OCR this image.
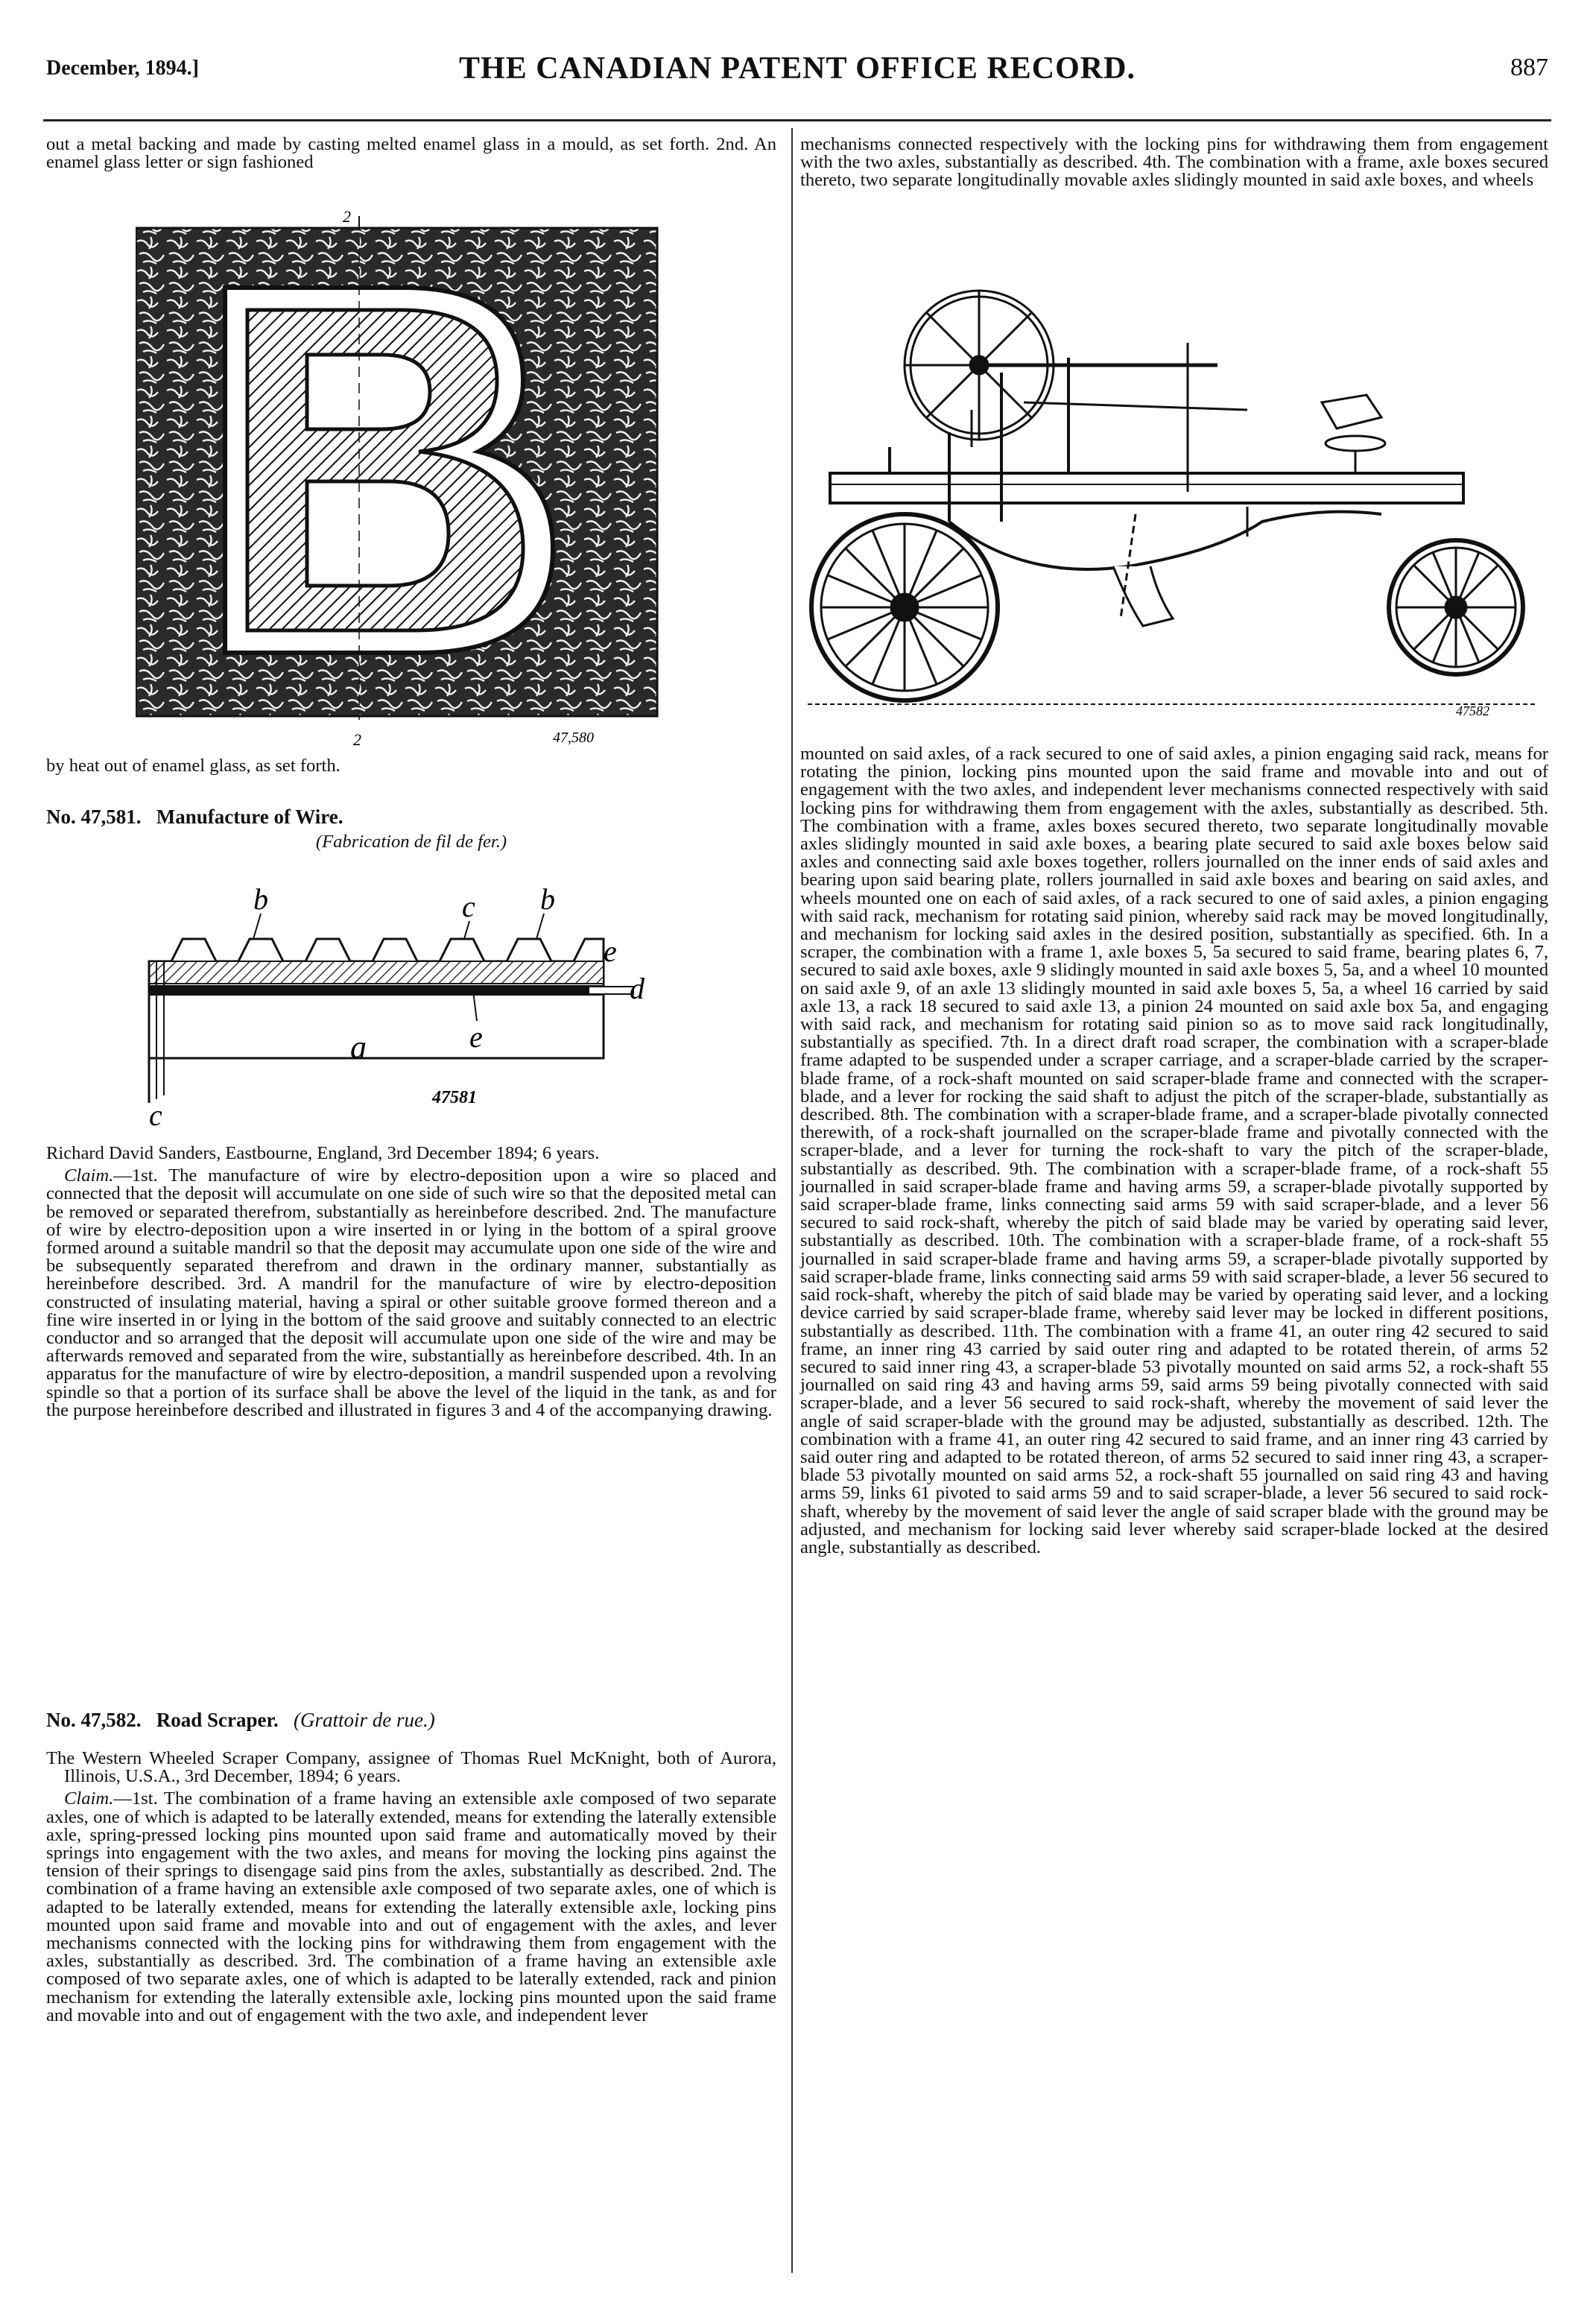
December, 1894.]	THE CANADIAN PATENT OFFICE RECORD.	887

out a metal backing and made by casting melted enamel glass in a mould, as set forth. 2nd. An enamel glass letter or sign fashioned

2
2	47,580

by heat out of enamel glass, as set forth.

No. 47,581. Manufacture of Wire.

(Fabrication de fil de fer.)

b	c b
e
d
a	e
c
47581

Richard David Sanders, Eastbourne, England, 3rd December 1894; 6 years.

Claim.—1st. The manufacture of wire by electro-deposition upon a wire so placed and connected that the deposit will accumulate on one side of such wire so that the deposited metal can be removed or separated therefrom, substantially as hereinbefore described. 2nd. The manufacture of wire by electro-deposition upon a wire inserted in or lying in the bottom of a spiral groove formed around a suitable mandril so that the deposit may accumulate upon one side of the wire and be subsequently separated therefrom and drawn in the ordinary manner, substantially as hereinbefore described. 3rd. A mandril for the manufacture of wire by electro-deposition constructed of insulating material, having a spiral or other suitable groove formed thereon and a fine wire inserted in or lying in the bottom of the said groove and suitably connected to an electric conductor and so arranged that the deposit will accumulate upon one side of the wire and may be afterwards removed and separated from the wire, substantially as hereinbefore described. 4th. In an apparatus for the manufacture of wire by electro-deposition, a mandril suspended upon a revolving spindle so that a portion of its surface shall be above the level of the liquid in the tank, as and for the purpose hereinbefore described and illustrated in figures 3 and 4 of the accompanying drawing.

No. 47,582. Road Scraper. (Grattoir de rue.)

The Western Wheeled Scraper Company, assignee of Thomas Ruel McKnight, both of Aurora, Illinois, U.S.A., 3rd December, 1894; 6 years.

Claim.—1st. The combination of a frame having an extensible axle composed of two separate axles, one of which is adapted to be laterally extended, means for extending the laterally extensible axle, spring-pressed locking pins mounted upon said frame and automatically moved by their springs into engagement with the two axles, and means for moving the locking pins against the tension of their springs to disengage said pins from the axles, substantially as described. 2nd. The combination of a frame having an extensible axle composed of two separate axles, one of which is adapted to be laterally extended, means for extending the laterally extensible axle, locking pins mounted upon said frame and movable into and out of engagement with the axles, and lever mechanisms connected with the locking pins for withdrawing them from engagement with the axles, substantially as described. 3rd. The combination of a frame having an extensible axle composed of two separate axles, one of which is adapted to be laterally extended, rack and pinion mechanism for extending the laterally extensible axle, locking pins mounted upon the said frame and movable into and out of engagement with the two axle, and independent lever

mechanisms connected respectively with the locking pins for withdrawing them from engagement with the two axles, substantially as described. 4th. The combination with a frame, axle boxes secured thereto, two separate longitudinally movable axles slidingly mounted in said axle boxes, and wheels

47582

mounted on said axles, of a rack secured to one of said axles, a pinion engaging said rack, means for rotating the pinion, locking pins mounted upon the said frame and movable into and out of engagement with the two axles, and independent lever mechanisms connected respectively with said locking pins for withdrawing them from engagement with the axles, substantially as described. 5th. The combination with a frame, axles boxes secured thereto, two separate longitudinally movable axles slidingly mounted in said axle boxes, a bearing plate secured to said axle boxes below said axles and connecting said axle boxes together, rollers journalled on the inner ends of said axles and bearing upon said bearing plate, rollers journalled in said axle boxes and bearing on said axles, and wheels mounted one on each of said axles, of a rack secured to one of said axles, a pinion engaging with said rack, mechanism for rotating said pinion, whereby said rack may be moved longitudinally, and mechanism for locking said axles in the desired position, substantially as specified. 6th. In a scraper, the combination with a frame 1, axle boxes 5, 5a secured to said frame, bearing plates 6, 7, secured to said axle boxes, axle 9 slidingly mounted in said axle boxes 5, 5a, and a wheel 10 mounted on said axle 9, of an axle 13 slidingly mounted in said axle boxes 5, 5a, a wheel 16 carried by said axle 13, a rack 18 secured to said axle 13, a pinion 24 mounted on said axle box 5a, and engaging with said rack, and mechanism for rotating said pinion so as to move said rack longitudinally, substantially as specified. 7th. In a direct draft road scraper, the combination with a scraper-blade frame adapted to be suspended under a scraper carriage, and a scraper-blade carried by the scraper-blade frame, of a rock-shaft mounted on said scraper-blade frame and connected with the scraper-blade, and a lever for rocking the said shaft to adjust the pitch of the scraper-blade, substantially as described. 8th. The combination with a scraper-blade frame, and a scraper-blade pivotally connected therewith, of a rock-shaft journalled on the scraper-blade frame and pivotally connected with the scraper-blade, and a lever for turning the rock-shaft to vary the pitch of the scraper-blade, substantially as described. 9th. The combination with a scraper-blade frame, of a rock-shaft 55 journalled in said scraper-blade frame and having arms 59, a scraper-blade pivotally supported by said scraper-blade frame, links connecting said arms 59 with said scraper-blade, and a lever 56 secured to said rock-shaft, whereby the pitch of said blade may be varied by operating said lever, substantially as described. 10th. The combination with a scraper-blade frame, of a rock-shaft 55 journalled in said scraper-blade frame and having arms 59, a scraper-blade pivotally supported by said scraper-blade frame, links connecting said arms 59 with said scraper-blade, a lever 56 secured to said rock-shaft, whereby the pitch of said blade may be varied by operating said lever, and a locking device carried by said scraper-blade frame, whereby said lever may be locked in different positions, substantially as described. 11th. The combination with a frame 41, an outer ring 42 secured to said frame, an inner ring 43 carried by said outer ring and adapted to be rotated therein, of arms 52 secured to said inner ring 43, a scraper-blade 53 pivotally mounted on said arms 52, a rock-shaft 55 journalled on said ring 43 and having arms 59, said arms 59 being pivotally connected with said scraper-blade, and a lever 56 secured to said rock-shaft, whereby the movement of said lever the angle of said scraper-blade with the ground may be adjusted, substantially as described. 12th. The combination with a frame 41, an outer ring 42 secured to said frame, and an inner ring 43 carried by said outer ring and adapted to be rotated thereon, of arms 52 secured to said inner ring 43, a scraper-blade 53 pivotally mounted on said arms 52, a rock-shaft 55 journalled on said ring 43 and having arms 59, links 61 pivoted to said arms 59 and to said scraper-blade, a lever 56 secured to said rock-shaft, whereby by the movement of said lever the angle of said scraper blade with the ground may be adjusted, and mechanism for locking said lever whereby said scraper-blade locked at the desired angle, substantially as described.
